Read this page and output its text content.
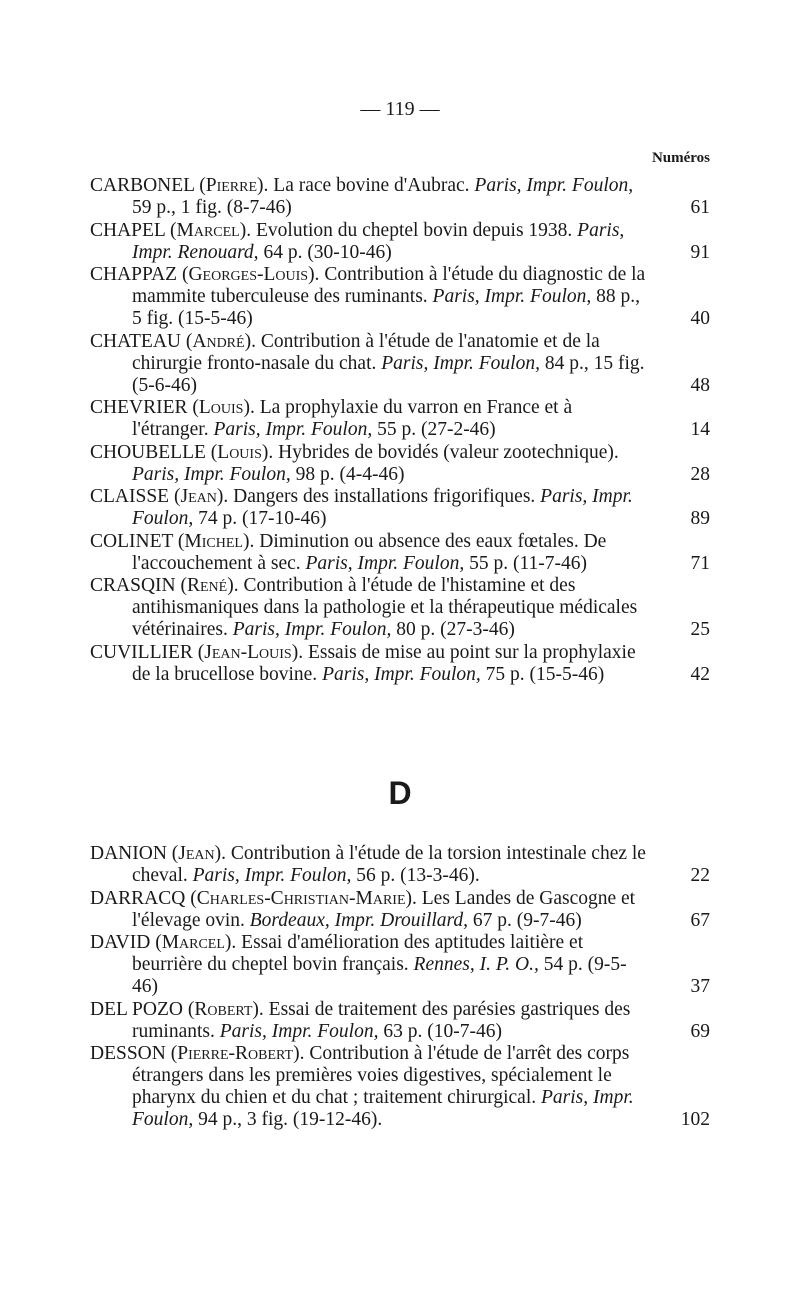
— 119 —
Numéros
CARBONEL (Pierre). La race bovine d'Aubrac. Paris, Impr. Foulon, 59 p., 1 fig. (8-7-46)	61
CHAPEL (Marcel). Evolution du cheptel bovin depuis 1938. Paris, Impr. Renouard, 64 p. (30-10-46)	91
CHAPPAZ (Georges-Louis). Contribution à l'étude du diagnostic de la mammite tuberculeuse des ruminants. Paris, Impr. Foulon, 88 p., 5 fig. (15-5-46)	40
CHATEAU (André). Contribution à l'étude de l'anatomie et de la chirurgie fronto-nasale du chat. Paris, Impr. Foulon, 84 p., 15 fig. (5-6-46)	48
CHEVRIER (Louis). La prophylaxie du varron en France et à l'étranger. Paris, Impr. Foulon, 55 p. (27-2-46)	14
CHOUBELLE (Louis). Hybrides de bovidés (valeur zootechnique). Paris, Impr. Foulon, 98 p. (4-4-46)	28
CLAISSE (Jean). Dangers des installations frigorifiques. Paris, Impr. Foulon, 74 p. (17-10-46)	89
COLINET (Michel). Diminution ou absence des eaux fœtales. De l'accouchement à sec. Paris, Impr. Foulon, 55 p. (11-7-46)	71
CRASQIN (René). Contribution à l'étude de l'histamine et des antihismaniques dans la pathologie et la thérapeutique médicales vétérinaires. Paris, Impr. Foulon, 80 p. (27-3-46)	25
CUVILLIER (Jean-Louis). Essais de mise au point sur la prophylaxie de la brucellose bovine. Paris, Impr. Foulon, 75 p. (15-5-46)	42
D
DANION (Jean). Contribution à l'étude de la torsion intestinale chez le cheval. Paris, Impr. Foulon, 56 p. (13-3-46).	22
DARRACQ (Charles-Christian-Marie). Les Landes de Gascogne et l'élevage ovin. Bordeaux, Impr. Drouillard, 67 p. (9-7-46)	67
DAVID (Marcel). Essai d'amélioration des aptitudes laitière et beurrière du cheptel bovin français. Rennes, I. P. O., 54 p. (9-5-46)	37
DEL POZO (Robert). Essai de traitement des parésies gastriques des ruminants. Paris, Impr. Foulon, 63 p. (10-7-46)	69
DESSON (Pierre-Robert). Contribution à l'étude de l'arrêt des corps étrangers dans les premières voies digestives, spécialement le pharynx du chien et du chat ; traitement chirurgical. Paris, Impr. Foulon, 94 p., 3 fig. (19-12-46).	102
